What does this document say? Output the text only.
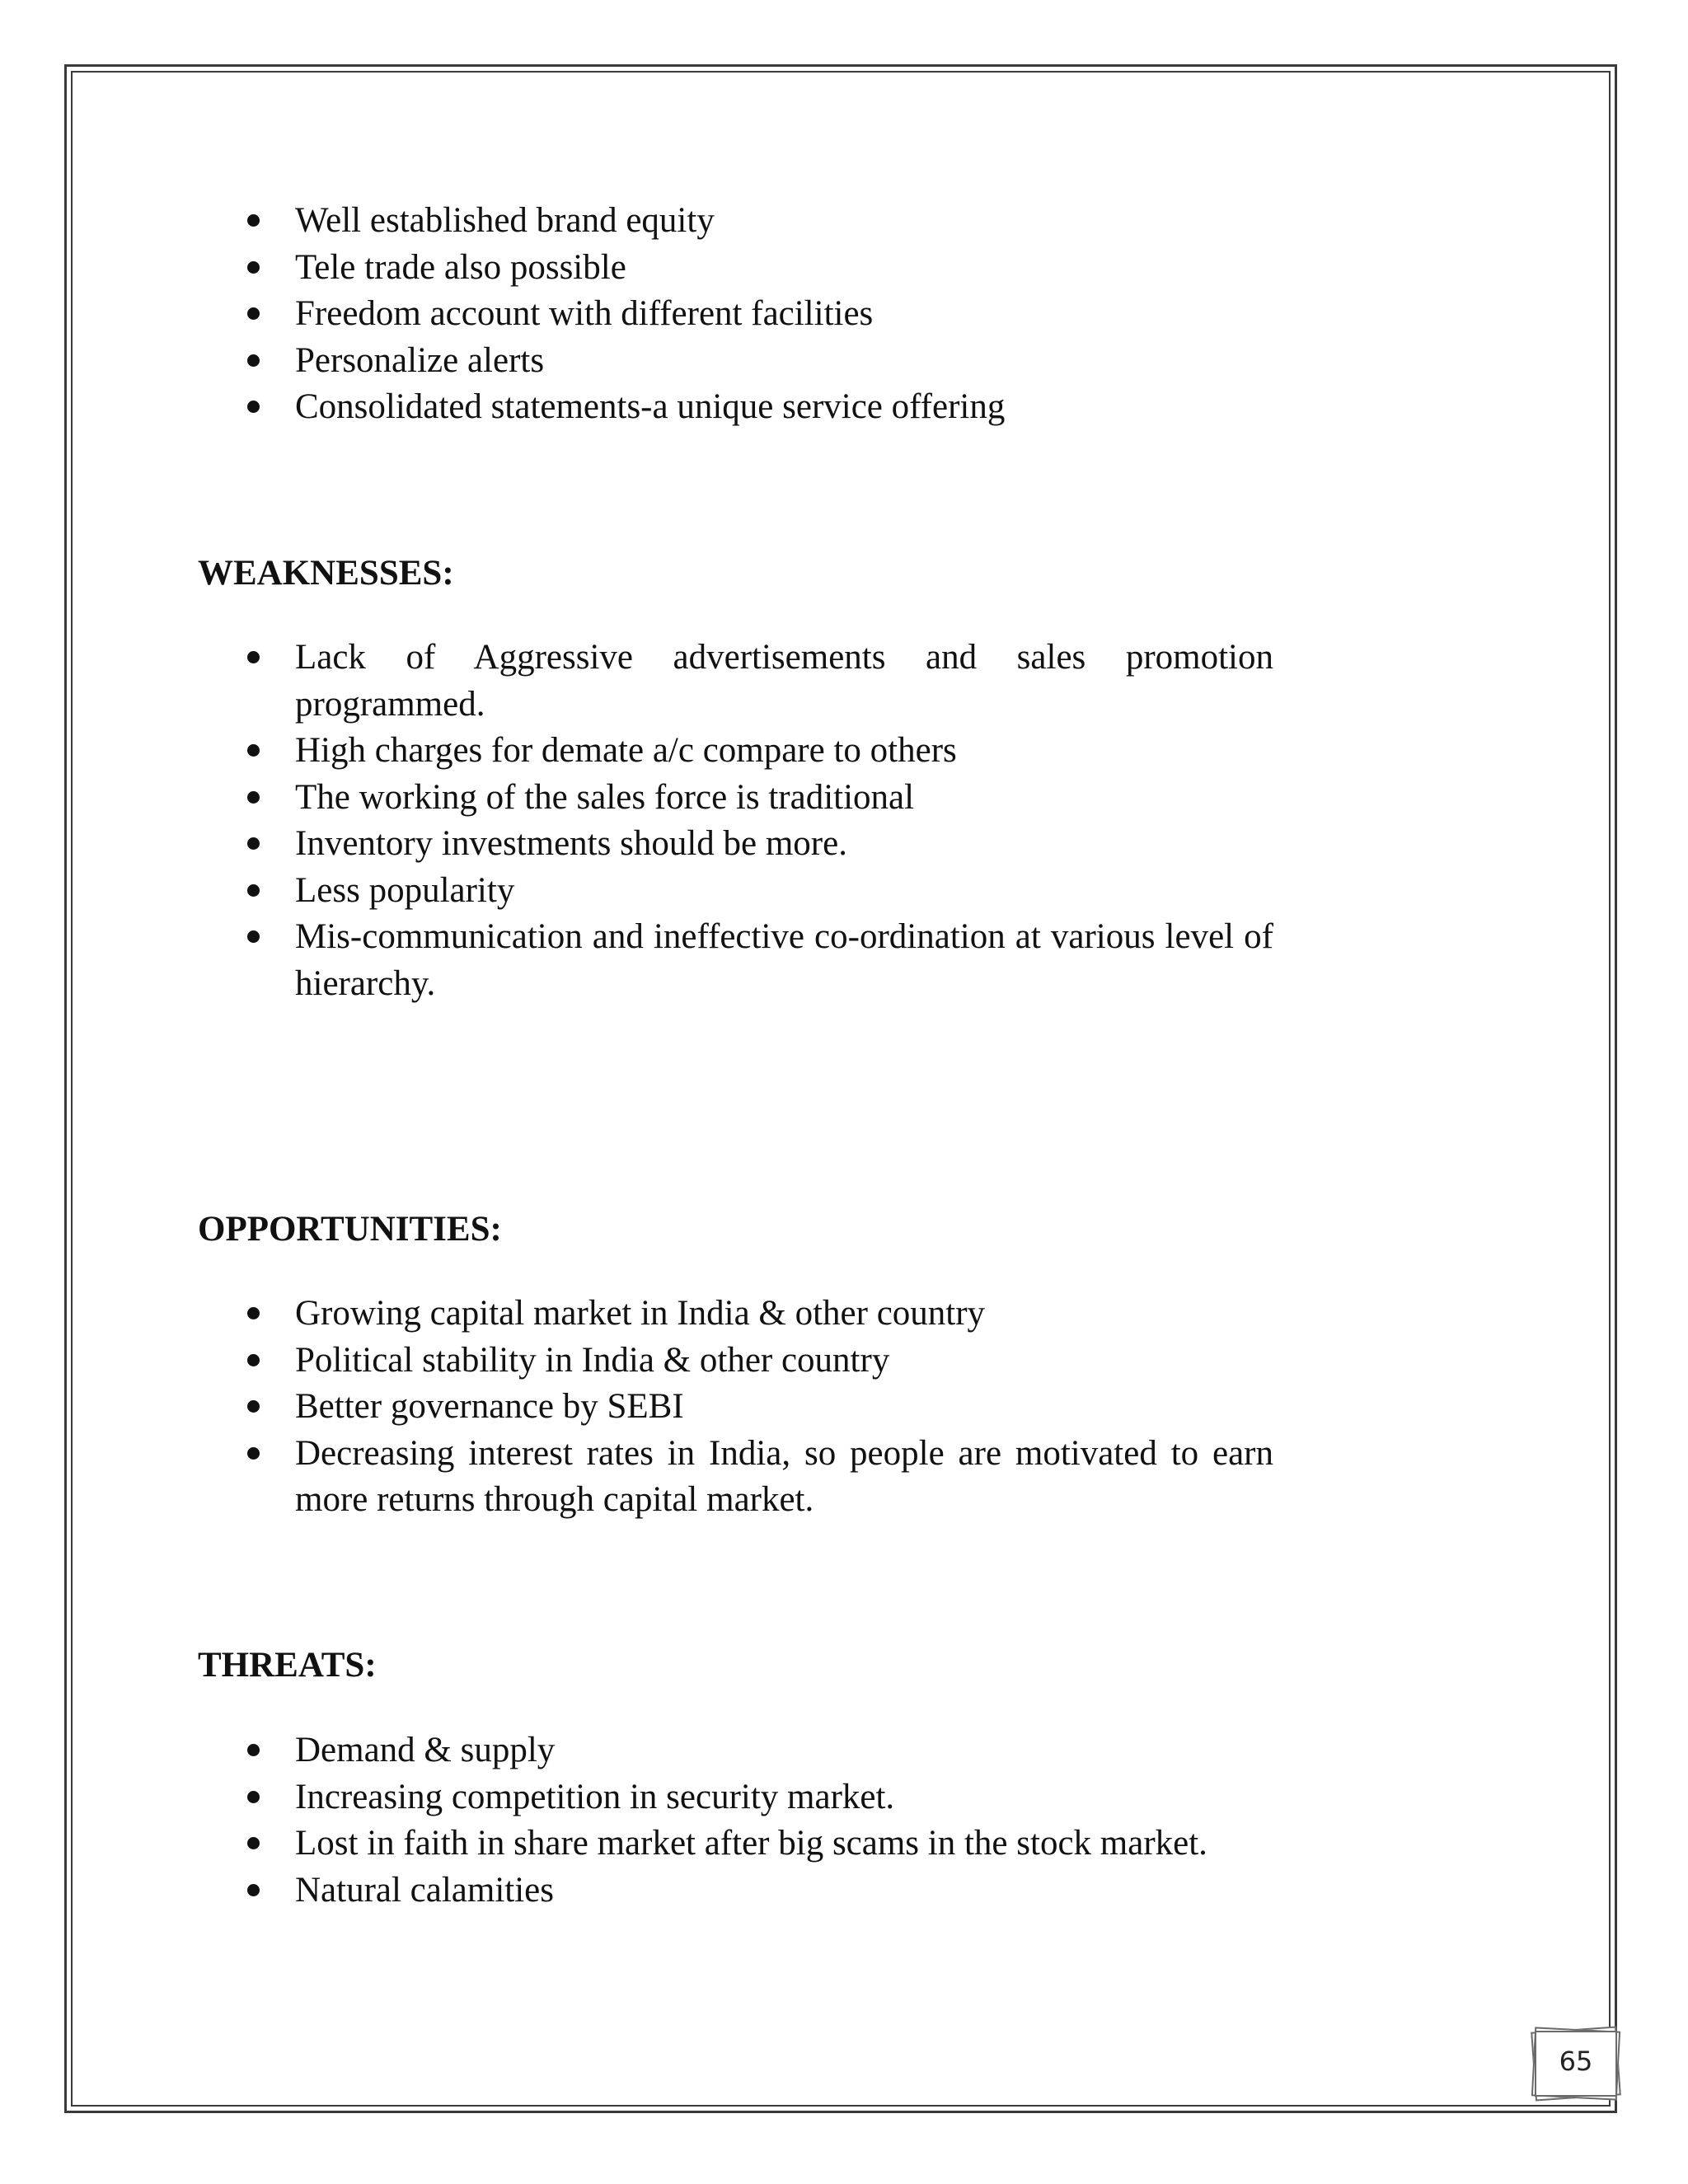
Well established brand equity
Tele trade also possible
Freedom account with different facilities
Personalize alerts
Consolidated statements-a unique service offering
WEAKNESSES:
Lack of Aggressive advertisements and sales promotion programmed.
High charges for demate a/c compare to others
The working of the sales force is traditional
Inventory investments should be more.
Less popularity
Mis-communication and ineffective co-ordination at various level of hierarchy.
OPPORTUNITIES:
Growing capital market in India & other country
Political stability in India & other country
Better governance by SEBI
Decreasing interest rates in India, so people are motivated to earn more returns through capital market.
THREATS:
Demand & supply
Increasing competition in security market.
Lost in faith in share market after big scams in the stock market.
Natural calamities
65
